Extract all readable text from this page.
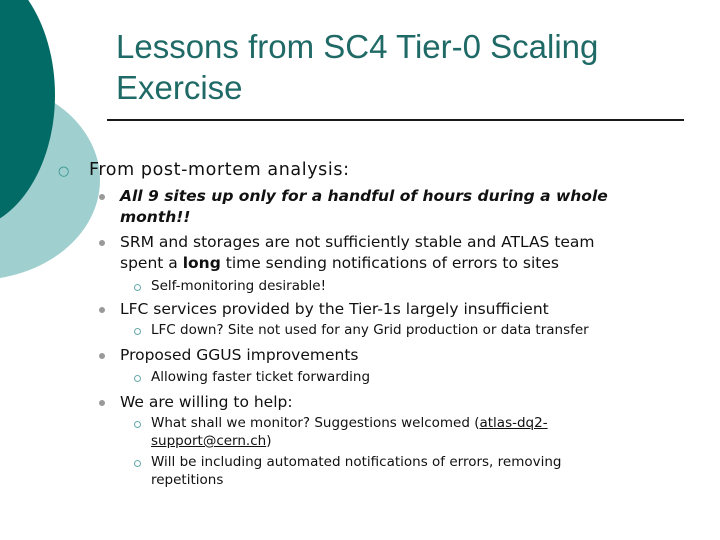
Lessons from SC4 Tier-0 Scaling
Exercise
○ From post-mortem analysis:
All 9 sites up only for a handful of hours during a whole
month!!
SRM and storages are not sufficiently stable and ATLAS team
spent a long time sending notifications of errors to sites
Self-monitoring desirable!
LFC services provided by the Tier-1s largely insufficient
LFC down? Site not used for any Grid production or data transfer
Proposed GGUS improvements
Allowing faster ticket forwarding
We are willing to help:
What shall we monitor? Suggestions welcomed (atlas-dq2-
support@cern.ch)
Will be including automated notifications of errors, removing
repetitions
